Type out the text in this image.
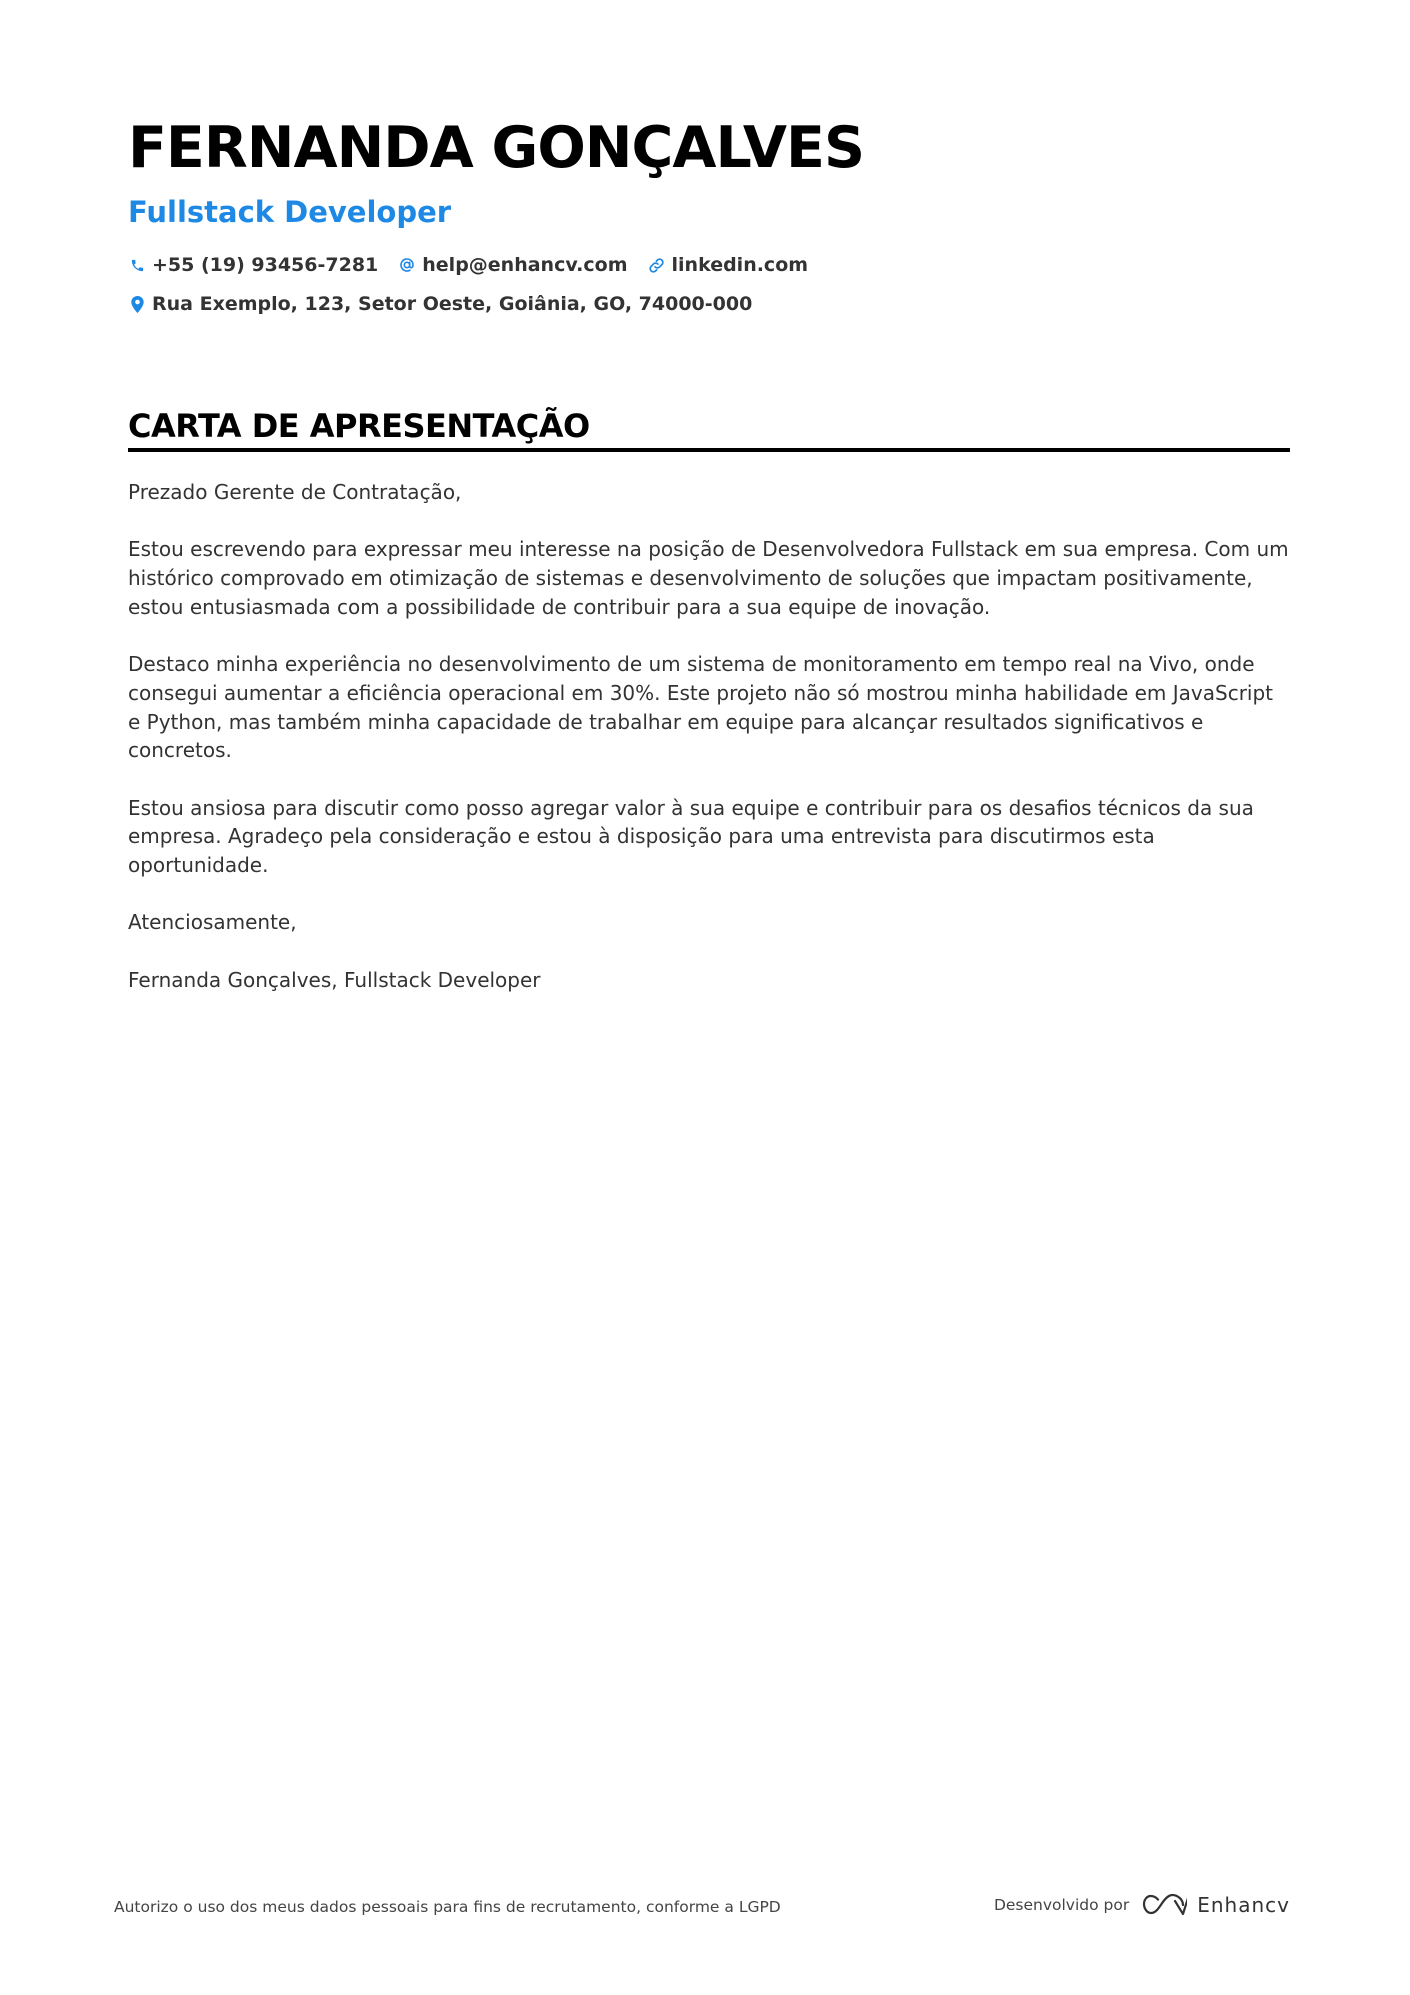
FERNANDA GONÇALVES
Fullstack Developer
+55 (19) 93456-7281 help@enhancv.com linkedin.com
Rua Exemplo, 123, Setor Oeste, Goiânia, GO, 74000-000
CARTA DE APRESENTAÇÃO

Prezado Gerente de Contratação,

Estou escrevendo para expressar meu interesse na posição de Desenvolvedora Fullstack em sua empresa. Com um histórico comprovado em otimização de sistemas e desenvolvimento de soluções que impactam positivamente, estou entusiasmada com a possibilidade de contribuir para a sua equipe de inovação.

Destaco minha experiência no desenvolvimento de um sistema de monitoramento em tempo real na Vivo, onde consegui aumentar a eficiência operacional em 30%. Este projeto não só mostrou minha habilidade em JavaScript e Python, mas também minha capacidade de trabalhar em equipe para alcançar resultados significativos e concretos.

Estou ansiosa para discutir como posso agregar valor à sua equipe e contribuir para os desafios técnicos da sua empresa. Agradeço pela consideração e estou à disposição para uma entrevista para discutirmos esta oportunidade.

Atenciosamente,

Fernanda Gonçalves, Fullstack Developer

Autorizo o uso dos meus dados pessoais para fins de recrutamento, conforme a LGPD	Desenvolvido por	Enhancv
